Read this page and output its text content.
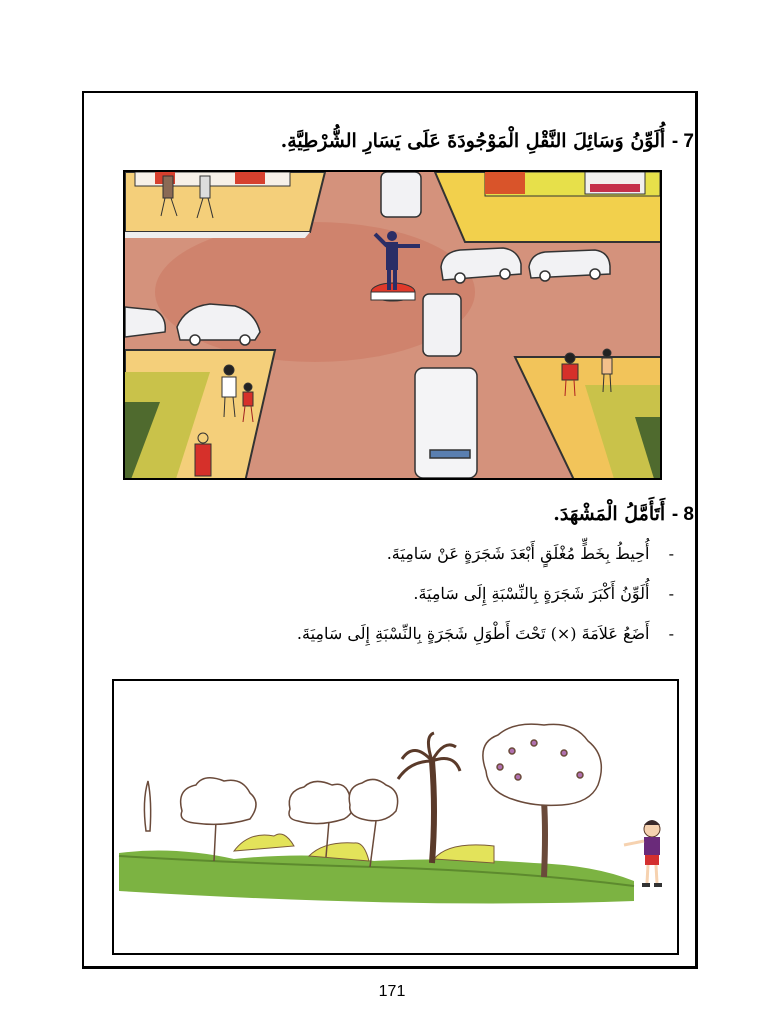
7 - أُلَوِّنُ وَسَائِلَ النَّقْلِ الْمَوْجُودَةَ عَلَى يَسَارِ الشُّرْطِيَّةِ.
8 - أَتَأَمَّلُ الْمَشْهَدَ.
- أُحِيطُ بِخَطٍّ مُغْلَقٍ أَبْعَدَ شَجَرَةٍ عَنْ سَامِيَةَ.
- أُلَوِّنُ أَكْبَرَ شَجَرَةٍ بِالنِّسْبَةِ إِلَى سَامِيَةَ.
- أَضَعُ عَلاَمَةَ (×) تَحْتَ أَطْوَلِ شَجَرَةٍ بِالنِّسْبَةِ إِلَى سَامِيَةَ.
171
